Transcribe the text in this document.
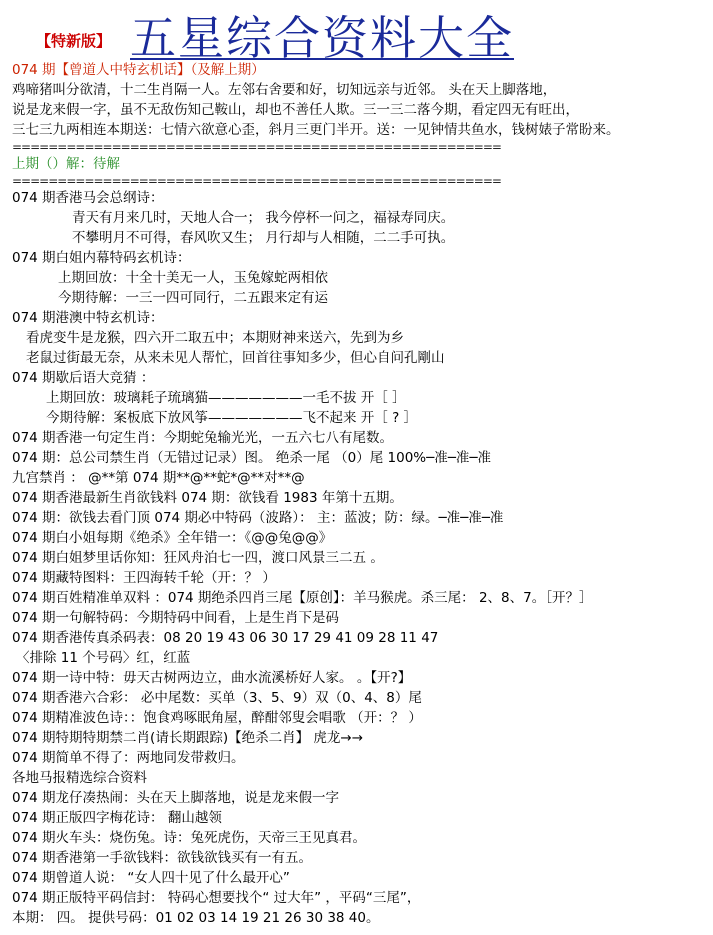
【特新版】 五星综合资料大全
074 期【曾道人中特玄机话】（及解上期）
鸡啼猪叫分欲清，十二生肖隔一人。左邻右舍要和好，切知远亲与近邻。 头在天上脚落地，
说是龙来假一字，虽不无敌伤知己鞍山，却也不善任人欺。三一三二落今期，看定四无有旺出，
三七三九两相连本期送：七情六欲意心歪，斜月三更门半开。送：一见钟情共鱼水，钱树婊子常盼来。
======================================================
上期（）解：待解
======================================================
074 期香港马会总纲诗：
青天有月来几时，天地人合一； 我今停杯一问之，福禄寿同庆。
不攀明月不可得，春风吹又生； 月行却与人相随，二二手可执。
074 期白姐内幕特码玄机诗：
上期回放：十全十美无一人，玉兔嫁蛇两相依
今期待解：一三一四可同行，二五跟来定有运
074 期港澳中特玄机诗：
看虎变牛是龙猴，四六开二取五中；本期财神来送六，先到为乡
老鼠过街最无奈，从来未见人帮忙，回首往事知多少，但心自问孔剛山
074 期歇后语大竞猜 ：
上期回放：玻璃耗子琉璃猫———————一毛不拔 开［ ］
今期待解：案板底下放风筝———————飞不起来 开［ ? ］
074 期香港一句定生肖：今期蛇兔输光光，一五六七八有尾数。
074 期：总公司禁生肖（无错过记录）图。 绝杀一尾 （0）尾 100%─准─准─准
九宫禁肖 ： @**第 074 期**@**蛇*@**对**@
074 期香港最新生肖欲钱料 074 期：欲钱看 1983 年第十五期。
074 期：欲钱去看门顶 074 期必中特码（波路）： 主：蓝波；防：绿。─准─准─准
074 期白小姐每期《绝杀》全年错一：《@@兔@@》
074 期白姐梦里话你知：狂风舟泊七一四，渡口风景三二五 。
074 期藏特图料：王四海转千轮（开：？ ）
074 期百姓精准单双料 ：074 期绝杀四肖三尾【原创】：羊马猴虎。杀三尾： 2、8、7。［开？］
074 期一句解特码：今期特码中间看，上是生肖下是码
074 期香港传真杀码表：08 20 19 43 06 30 17 29 41 09 28 11 47
〈排除 11 个号码〉红，红蓝
074 期一诗中特：毋天古树两边立，曲水流溪桥好人家。 。【开?】
074 期香港六合彩： 必中尾数：买单（3、5、9）双（0、4、8）尾
074 期精准波色诗：：饱食鸡啄眠角屋，醉酣邻叟会唱歌 （开：？ ）
074 期特期特期禁二肖(请长期跟踪)【绝杀二肖】 虎龙→→
074 期简单不得了：两地同发带救归。
各地马报精选综合资料
074 期龙仔凑热闹：头在天上脚落地，说是龙来假一字
074 期正版四字梅花诗： 翻山越领
074 期火车头：烧伤兔。诗：兔死虎伤，天帝三王见真君。
074 期香港第一手欲钱料：欲钱欲钱买有一有五。
074 期曾道人说： “女人四十见了什么最开心”
074 期正版特平码信封： 特码心想要找个“ 过大年” ，平码“三尾”，
本期： 四。 提供号码：01 02 03 14 19 21 26 30 38 40。
